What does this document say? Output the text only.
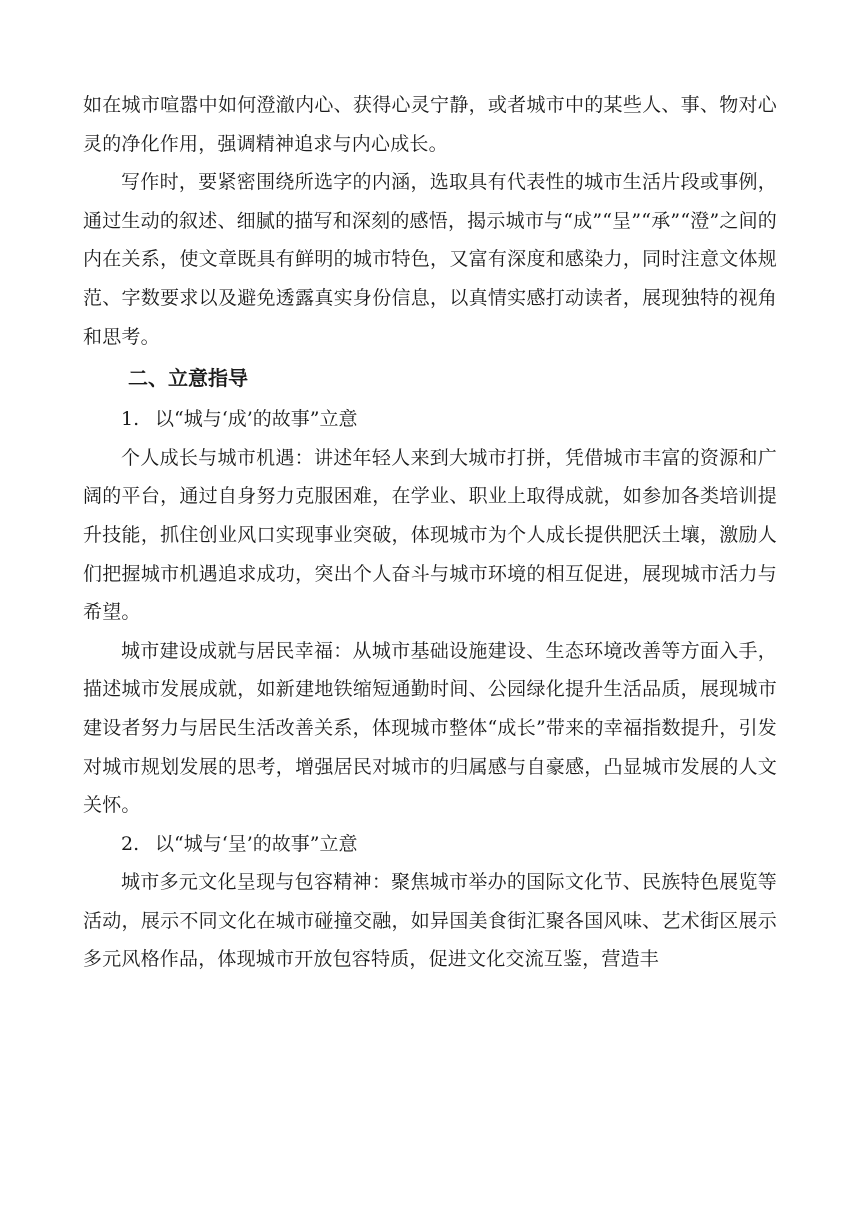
如在城市喧嚣中如何澄澈内心、获得心灵宁静，或者城市中的某些人、事、物对心灵的净化作用，强调精神追求与内心成长。

写作时，要紧密围绕所选字的内涵，选取具有代表性的城市生活片段或事例，通过生动的叙述、细腻的描写和深刻的感悟，揭示城市与“成”“呈”“承”“澄”之间的内在关系，使文章既具有鲜明的城市特色，又富有深度和感染力，同时注意文体规范、字数要求以及避免透露真实身份信息，以真情实感打动读者，展现独特的视角和思考。

二、立意指导
1. 以“城与‘成’的故事”立意

个人成长与城市机遇：讲述年轻人来到大城市打拼，凭借城市丰富的资源和广阔的平台，通过自身努力克服困难，在学业、职业上取得成就，如参加各类培训提升技能，抓住创业风口实现事业突破，体现城市为个人成长提供肥沃土壤，激励人们把握城市机遇追求成功，突出个人奋斗与城市环境的相互促进，展现城市活力与希望。

城市建设成就与居民幸福：从城市基础设施建设、生态环境改善等方面入手，描述城市发展成就，如新建地铁缩短通勤时间、公园绿化提升生活品质，展现城市建设者努力与居民生活改善关系，体现城市整体“成长”带来的幸福指数提升，引发对城市规划发展的思考，增强居民对城市的归属感与自豪感，凸显城市发展的人文关怀。

2. 以“城与‘呈’的故事”立意

城市多元文化呈现与包容精神：聚焦城市举办的国际文化节、民族特色展览等活动，展示不同文化在城市碰撞交融，如异国美食街汇聚各国风味、艺术街区展示多元风格作品，体现城市开放包容特质，促进文化交流互鉴，营造丰
